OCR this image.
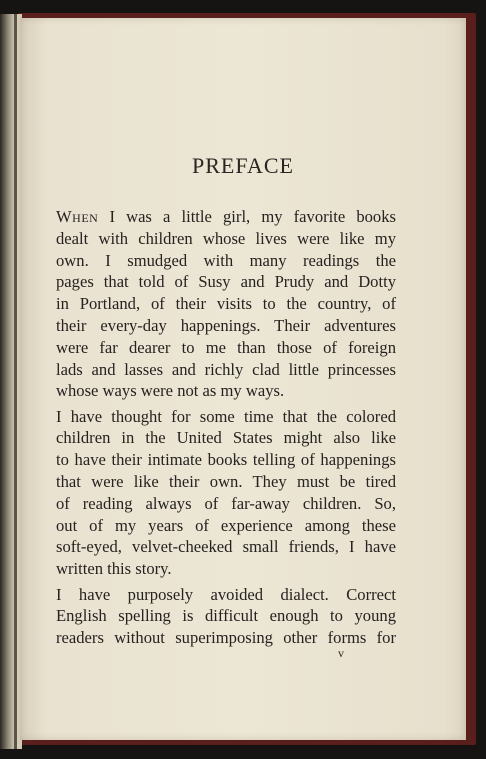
PREFACE
When I was a little girl, my favorite books
dealt with children whose lives were like my
own. I smudged with many readings the
pages that told of Susy and Prudy and Dotty
in Portland, of their visits to the country, of
their every-day happenings. Their adventures
were far dearer to me than those of foreign
lads and lasses and richly clad little princesses
whose ways were not as my ways.
I have thought for some time that the colored
children in the United States might also like
to have their intimate books telling of happenings
that were like their own. They must be tired
of reading always of far-away children. So,
out of my years of experience among these
soft-eyed, velvet-cheeked small friends, I have
written this story.
I have purposely avoided dialect. Correct
English spelling is difficult enough to young
readers without superimposing other forms for
v
